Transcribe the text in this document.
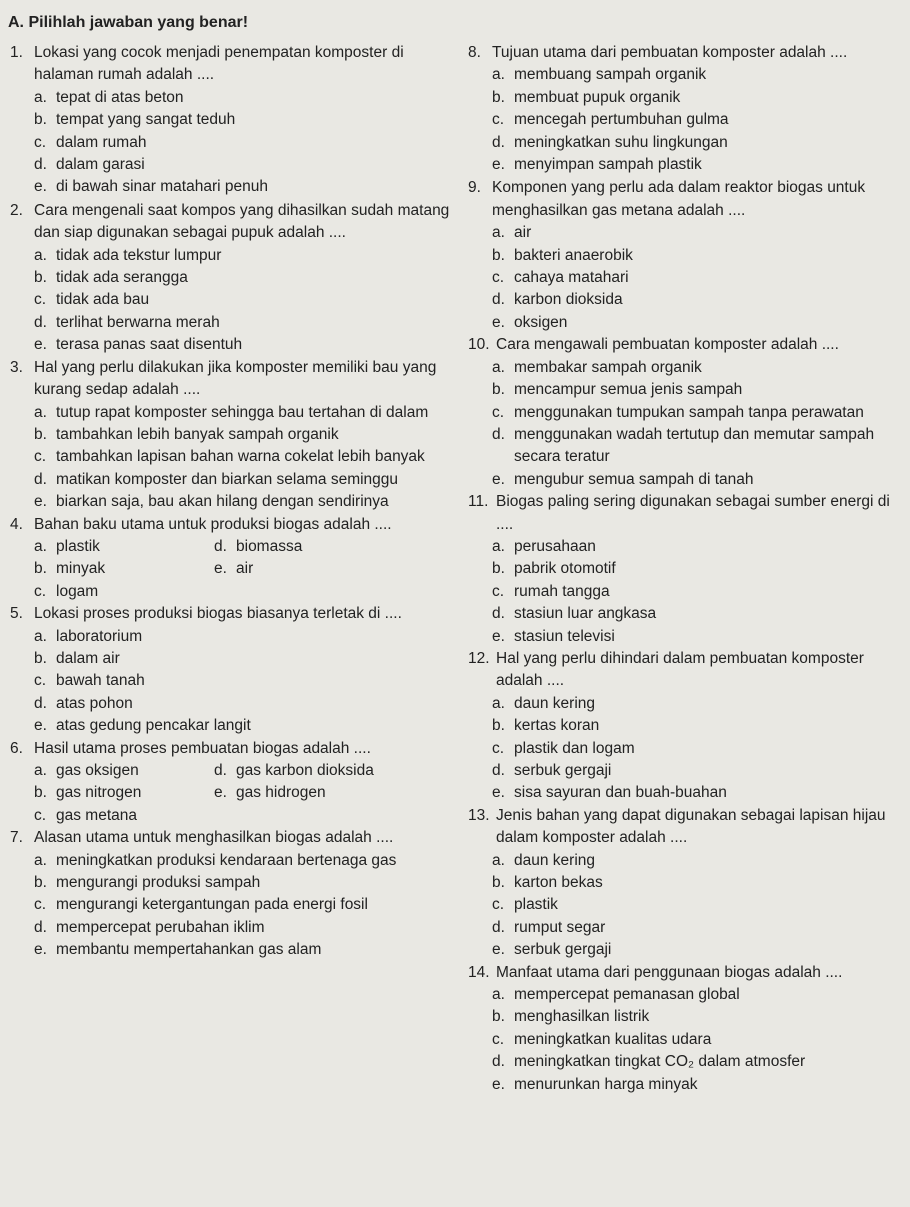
A. Pilihlah jawaban yang benar!
1. Lokasi yang cocok menjadi penempatan komposter di halaman rumah adalah ....
a. tepat di atas beton
b. tempat yang sangat teduh
c. dalam rumah
d. dalam garasi
e. di bawah sinar matahari penuh
2. Cara mengenali saat kompos yang dihasilkan sudah matang dan siap digunakan sebagai pupuk adalah ....
a. tidak ada tekstur lumpur
b. tidak ada serangga
c. tidak ada bau
d. terlihat berwarna merah
e. terasa panas saat disentuh
3. Hal yang perlu dilakukan jika komposter memiliki bau yang kurang sedap adalah ....
a. tutup rapat komposter sehingga bau tertahan di dalam
b. tambahkan lebih banyak sampah organik
c. tambahkan lapisan bahan warna cokelat lebih banyak
d. matikan komposter dan biarkan selama seminggu
e. biarkan saja, bau akan hilang dengan sendirinya
4. Bahan baku utama untuk produksi biogas adalah ....
a. plastik	d. biomassa
b. minyak	e. air
c. logam
5. Lokasi proses produksi biogas biasanya terletak di ....
a. laboratorium
b. dalam air
c. bawah tanah
d. atas pohon
e. atas gedung pencakar langit
6. Hasil utama proses pembuatan biogas adalah ....
a. gas oksigen	d. gas karbon dioksida
b. gas nitrogen	e. gas hidrogen
c. gas metana
7. Alasan utama untuk menghasilkan biogas adalah ....
a. meningkatkan produksi kendaraan bertenaga gas
b. mengurangi produksi sampah
c. mengurangi ketergantungan pada energi fosil
d. mempercepat perubahan iklim
e. membantu mempertahankan gas alam
8. Tujuan utama dari pembuatan komposter adalah ....
a. membuang sampah organik
b. membuat pupuk organik
c. mencegah pertumbuhan gulma
d. meningkatkan suhu lingkungan
e. menyimpan sampah plastik
9. Komponen yang perlu ada dalam reaktor biogas untuk menghasilkan gas metana adalah ....
a. air
b. bakteri anaerobik
c. cahaya matahari
d. karbon dioksida
e. oksigen
10. Cara mengawali pembuatan komposter adalah ....
a. membakar sampah organik
b. mencampur semua jenis sampah
c. menggunakan tumpukan sampah tanpa perawatan
d. menggunakan wadah tertutup dan memutar sampah secara teratur
e. mengubur semua sampah di tanah
11. Biogas paling sering digunakan sebagai sumber energi di ....
a. perusahaan
b. pabrik otomotif
c. rumah tangga
d. stasiun luar angkasa
e. stasiun televisi
12. Hal yang perlu dihindari dalam pembuatan komposter adalah ....
a. daun kering
b. kertas koran
c. plastik dan logam
d. serbuk gergaji
e. sisa sayuran dan buah-buahan
13. Jenis bahan yang dapat digunakan sebagai lapisan hijau dalam komposter adalah ....
a. daun kering
b. karton bekas
c. plastik
d. rumput segar
e. serbuk gergaji
14. Manfaat utama dari penggunaan biogas adalah ....
a. mempercepat pemanasan global
b. menghasilkan listrik
c. meningkatkan kualitas udara
d. meningkatkan tingkat CO₂ dalam atmosfer
e. menurunkan harga minyak
